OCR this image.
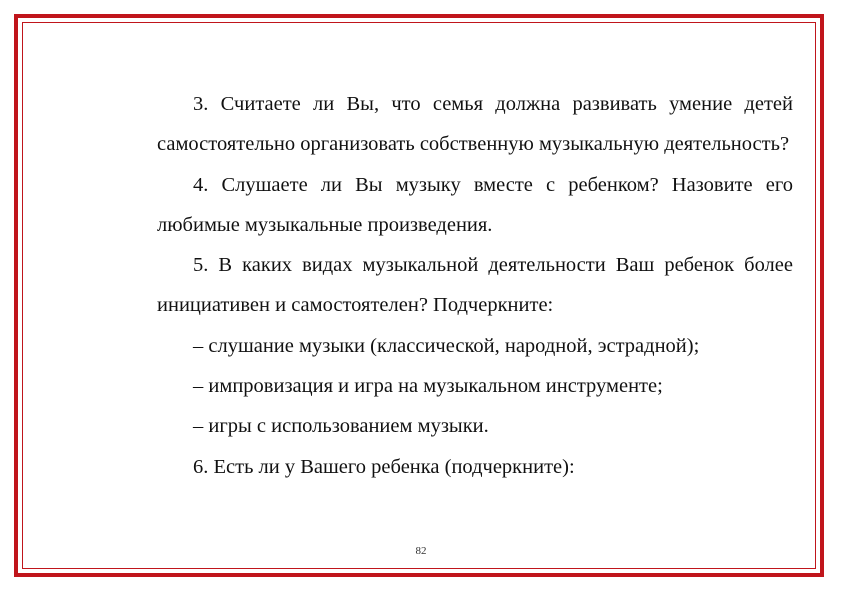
3. Считаете ли Вы, что семья должна развивать умение детей самостоятельно организовать собственную музыкальную деятельность?

4. Слушаете ли Вы музыку вместе с ребенком? Назовите его любимые музыкальные произведения.

5. В каких видах музыкальной деятельности Ваш ребенок более инициативен и самостоятелен? Подчеркните:

– слушание музыки (классической, народной, эстрадной);

– импровизация и игра на музыкальном инструменте;

– игры с использованием музыки.

6. Есть ли у Вашего ребенка (подчеркните):

82
